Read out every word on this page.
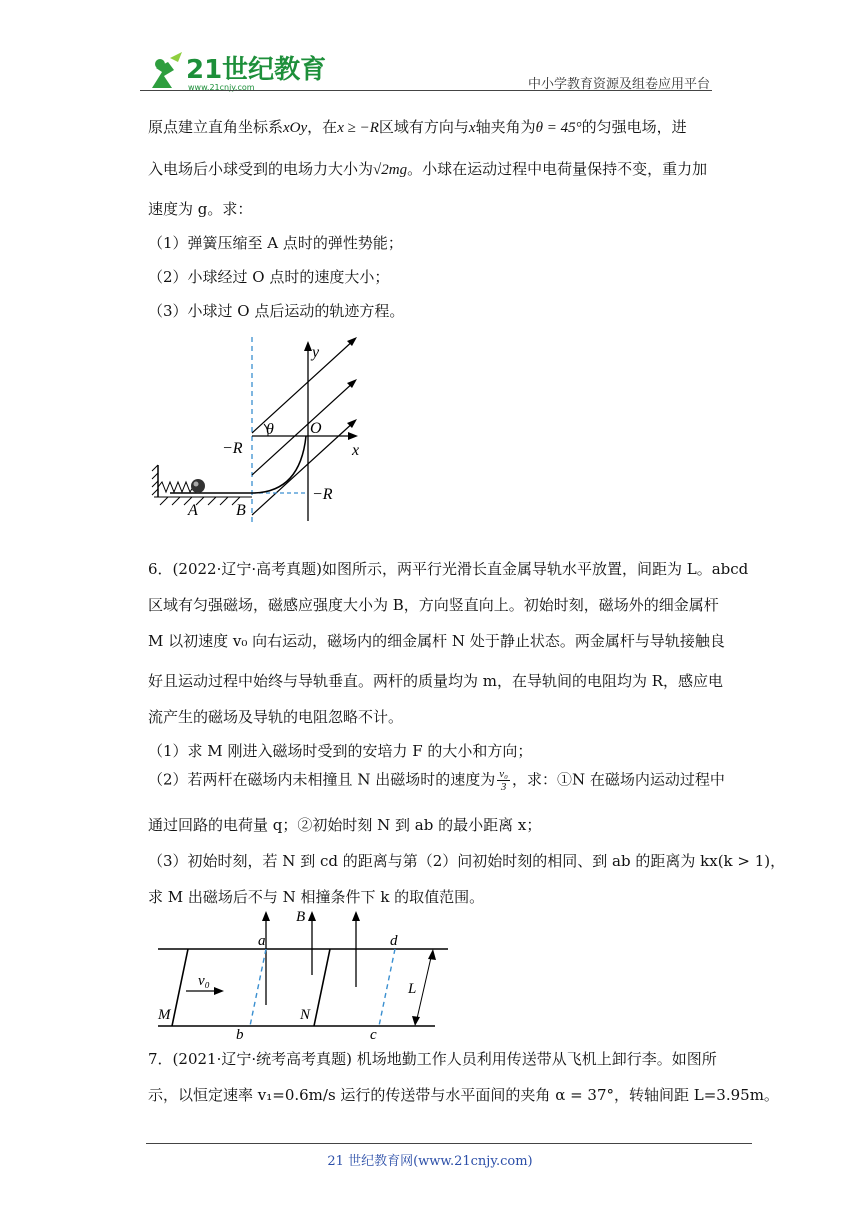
21世纪教育
www.21cnjy.com	中小学教育资源及组卷应用平台
原点建立直角坐标系xOy，在x ≥ −R区域有方向与x轴夹角为θ = 45°的匀强电场，进
入电场后小球受到的电场力大小为√2mg。小球在运动过程中电荷量保持不变，重力加
速度为 g。求：
（1）弹簧压缩至 A 点时的弹性势能；
（2）小球经过 O 点时的速度大小；
（3）小球过 O 点后运动的轨迹方程。
y
x
O
θ
−R
−R
A B
6．(2022·辽宁·高考真题)如图所示，两平行光滑长直金属导轨水平放置，间距为 L。abcd
区域有匀强磁场，磁感应强度大小为 B，方向竖直向上。初始时刻，磁场外的细金属杆
M 以初速度 v₀ 向右运动，磁场内的细金属杆 N 处于静止状态。两金属杆与导轨接触良
好且运动过程中始终与导轨垂直。两杆的质量均为 m，在导轨间的电阻均为 R，感应电
流产生的磁场及导轨的电阻忽略不计。
（1）求 M 刚进入磁场时受到的安培力 F 的大小和方向；
（2）若两杆在磁场内未相撞且 N 出磁场时的速度为 $\frac{\text{v₀}}{3}$ ，求：①N 在磁场内运动过程中
通过回路的电荷量 q；②初始时刻 N 到 ab 的最小距离 x；
（3）初始时刻，若 N 到 cd 的距离与第（2）问初始时刻的相同、到 ab 的距离为 kx(k > 1)，
求 M 出磁场后不与 N 相撞条件下 k 的取值范围。
a
B
d
v₀	L
M	N
b	c
7．(2021·辽宁·统考高考真题) 机场地勤工作人员利用传送带从飞机上卸行李。如图所
示，以恒定速率 v₁=0.6m/s 运行的传送带与水平面间的夹角 α = 37°，转轴间距 L=3.95m。
21 世纪教育网(www.21cnjy.com)
